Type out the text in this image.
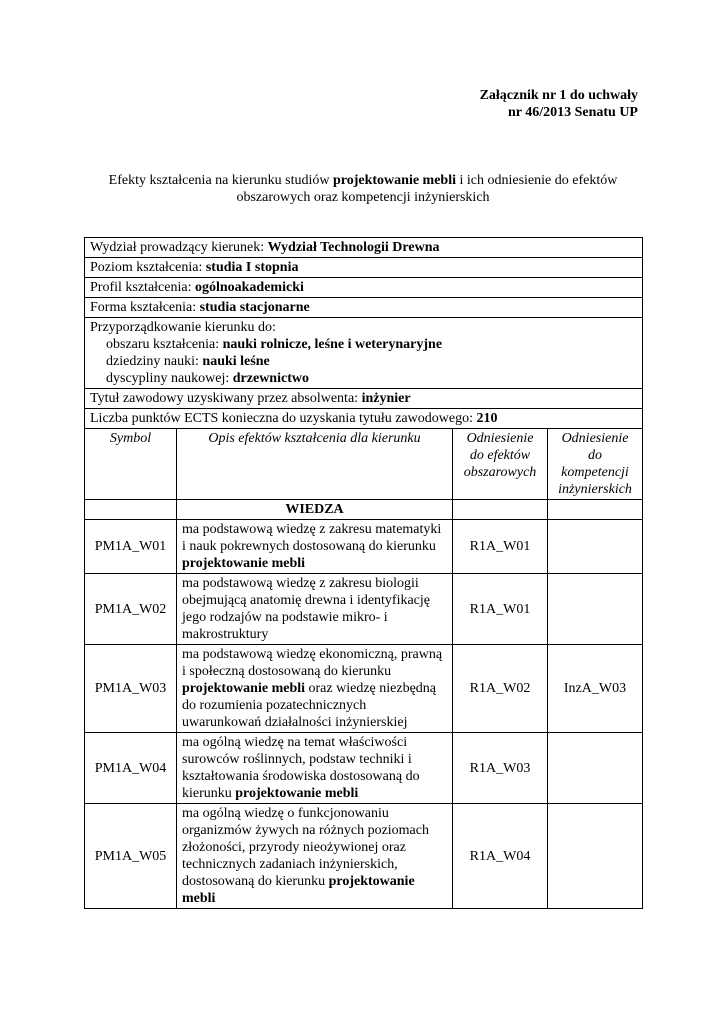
Załącznik nr 1 do uchwały
nr 46/2013 Senatu UP
Efekty kształcenia na kierunku studiów projektowanie mebli i ich odniesienie do efektów obszarowych oraz kompetencji inżynierskich
Wydział prowadzący kierunek: Wydział Technologii Drewna			
Poziom kształcenia: studia I stopnia			
Profil kształcenia: ogólnoakademicki			
Forma kształcenia: studia stacjonarne			
Przyporządkowanie kierunku do:
obszaru kształcenia: nauki rolnicze, leśne i weterynaryjne
dziedziny nauki: nauki leśne
dyscypliny naukowej: drzewnictwo			

Tytuł zawodowy uzyskiwany przez absolwenta: inżynier			
Liczba punktów ECTS konieczna do uzyskania tytułu zawodowego: 210			
Symbol	Opis efektów kształcenia dla kierunku	Odniesienie do efektów obszarowych	Odniesienie do kompetencji inżynierskich
	WIEDZA		
PM1A_W01	ma podstawową wiedzę z zakresu matematyki i nauk pokrewnych dostosowaną do kierunku projektowanie mebli	R1A_W01	
PM1A_W02	ma podstawową wiedzę z zakresu biologii obejmującą anatomię drewna i identyfikację jego rodzajów na podstawie mikro- i makrostruktury	R1A_W01	
PM1A_W03	ma podstawową wiedzę ekonomiczną, prawną i społeczną dostosowaną do kierunku projektowanie mebli oraz wiedzę niezbędną do rozumienia pozatechnicznych uwarunkowań działalności inżynierskiej	R1A_W02	InzA_W03
PM1A_W04	ma ogólną wiedzę na temat właściwości surowców roślinnych, podstaw techniki i kształtowania środowiska dostosowaną do kierunku projektowanie mebli	R1A_W03	
PM1A_W05	ma ogólną wiedzę o funkcjonowaniu organizmów żywych na różnych poziomach złożoności, przyrody nieożywionej oraz technicznych zadaniach inżynierskich, dostosowaną do kierunku projektowanie mebli	R1A_W04	
